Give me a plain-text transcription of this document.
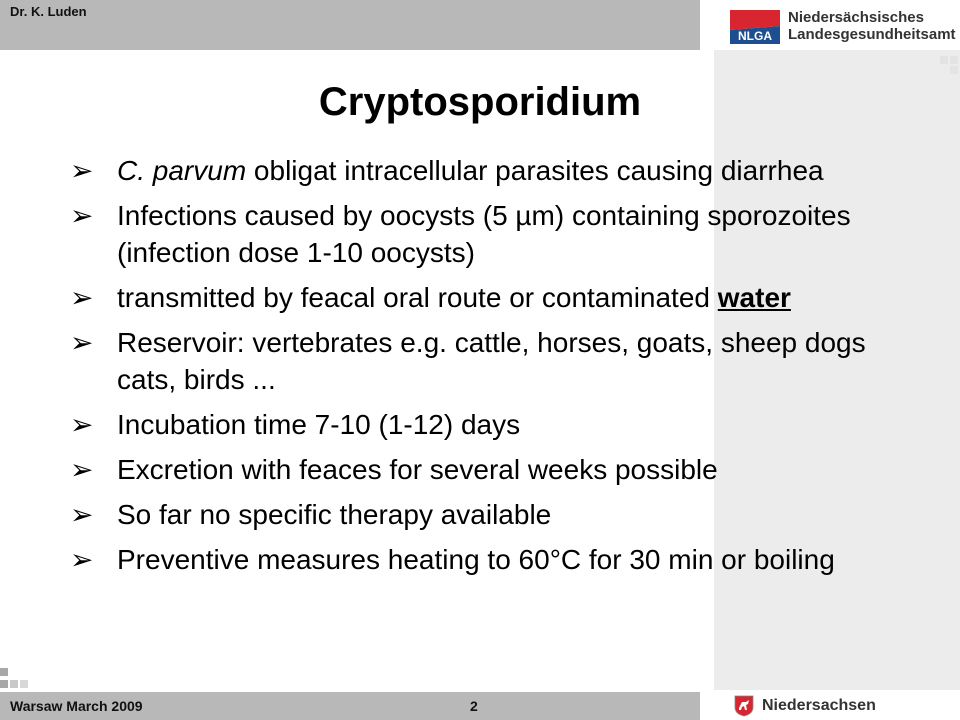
Dr. K. Luden
NLGA
Niedersächsisches
Landesgesundheitsamt
Cryptosporidium
➢ C. parvum obligat intracellular parasites causing diarrhea
➢ Infections caused by oocysts (5 µm) containing sporozoites (infection dose 1-10 oocysts)
➢ transmitted by feacal oral route or contaminated water
➢ Reservoir: vertebrates e.g. cattle, horses, goats, sheep dogs cats, birds ...
➢ Incubation time 7-10 (1-12) days
➢ Excretion with feaces for several weeks possible
➢ So far no specific therapy available
➢ Preventive measures heating to 60°C for 30 min or boiling
Warsaw March 2009	2	Niedersachsen
